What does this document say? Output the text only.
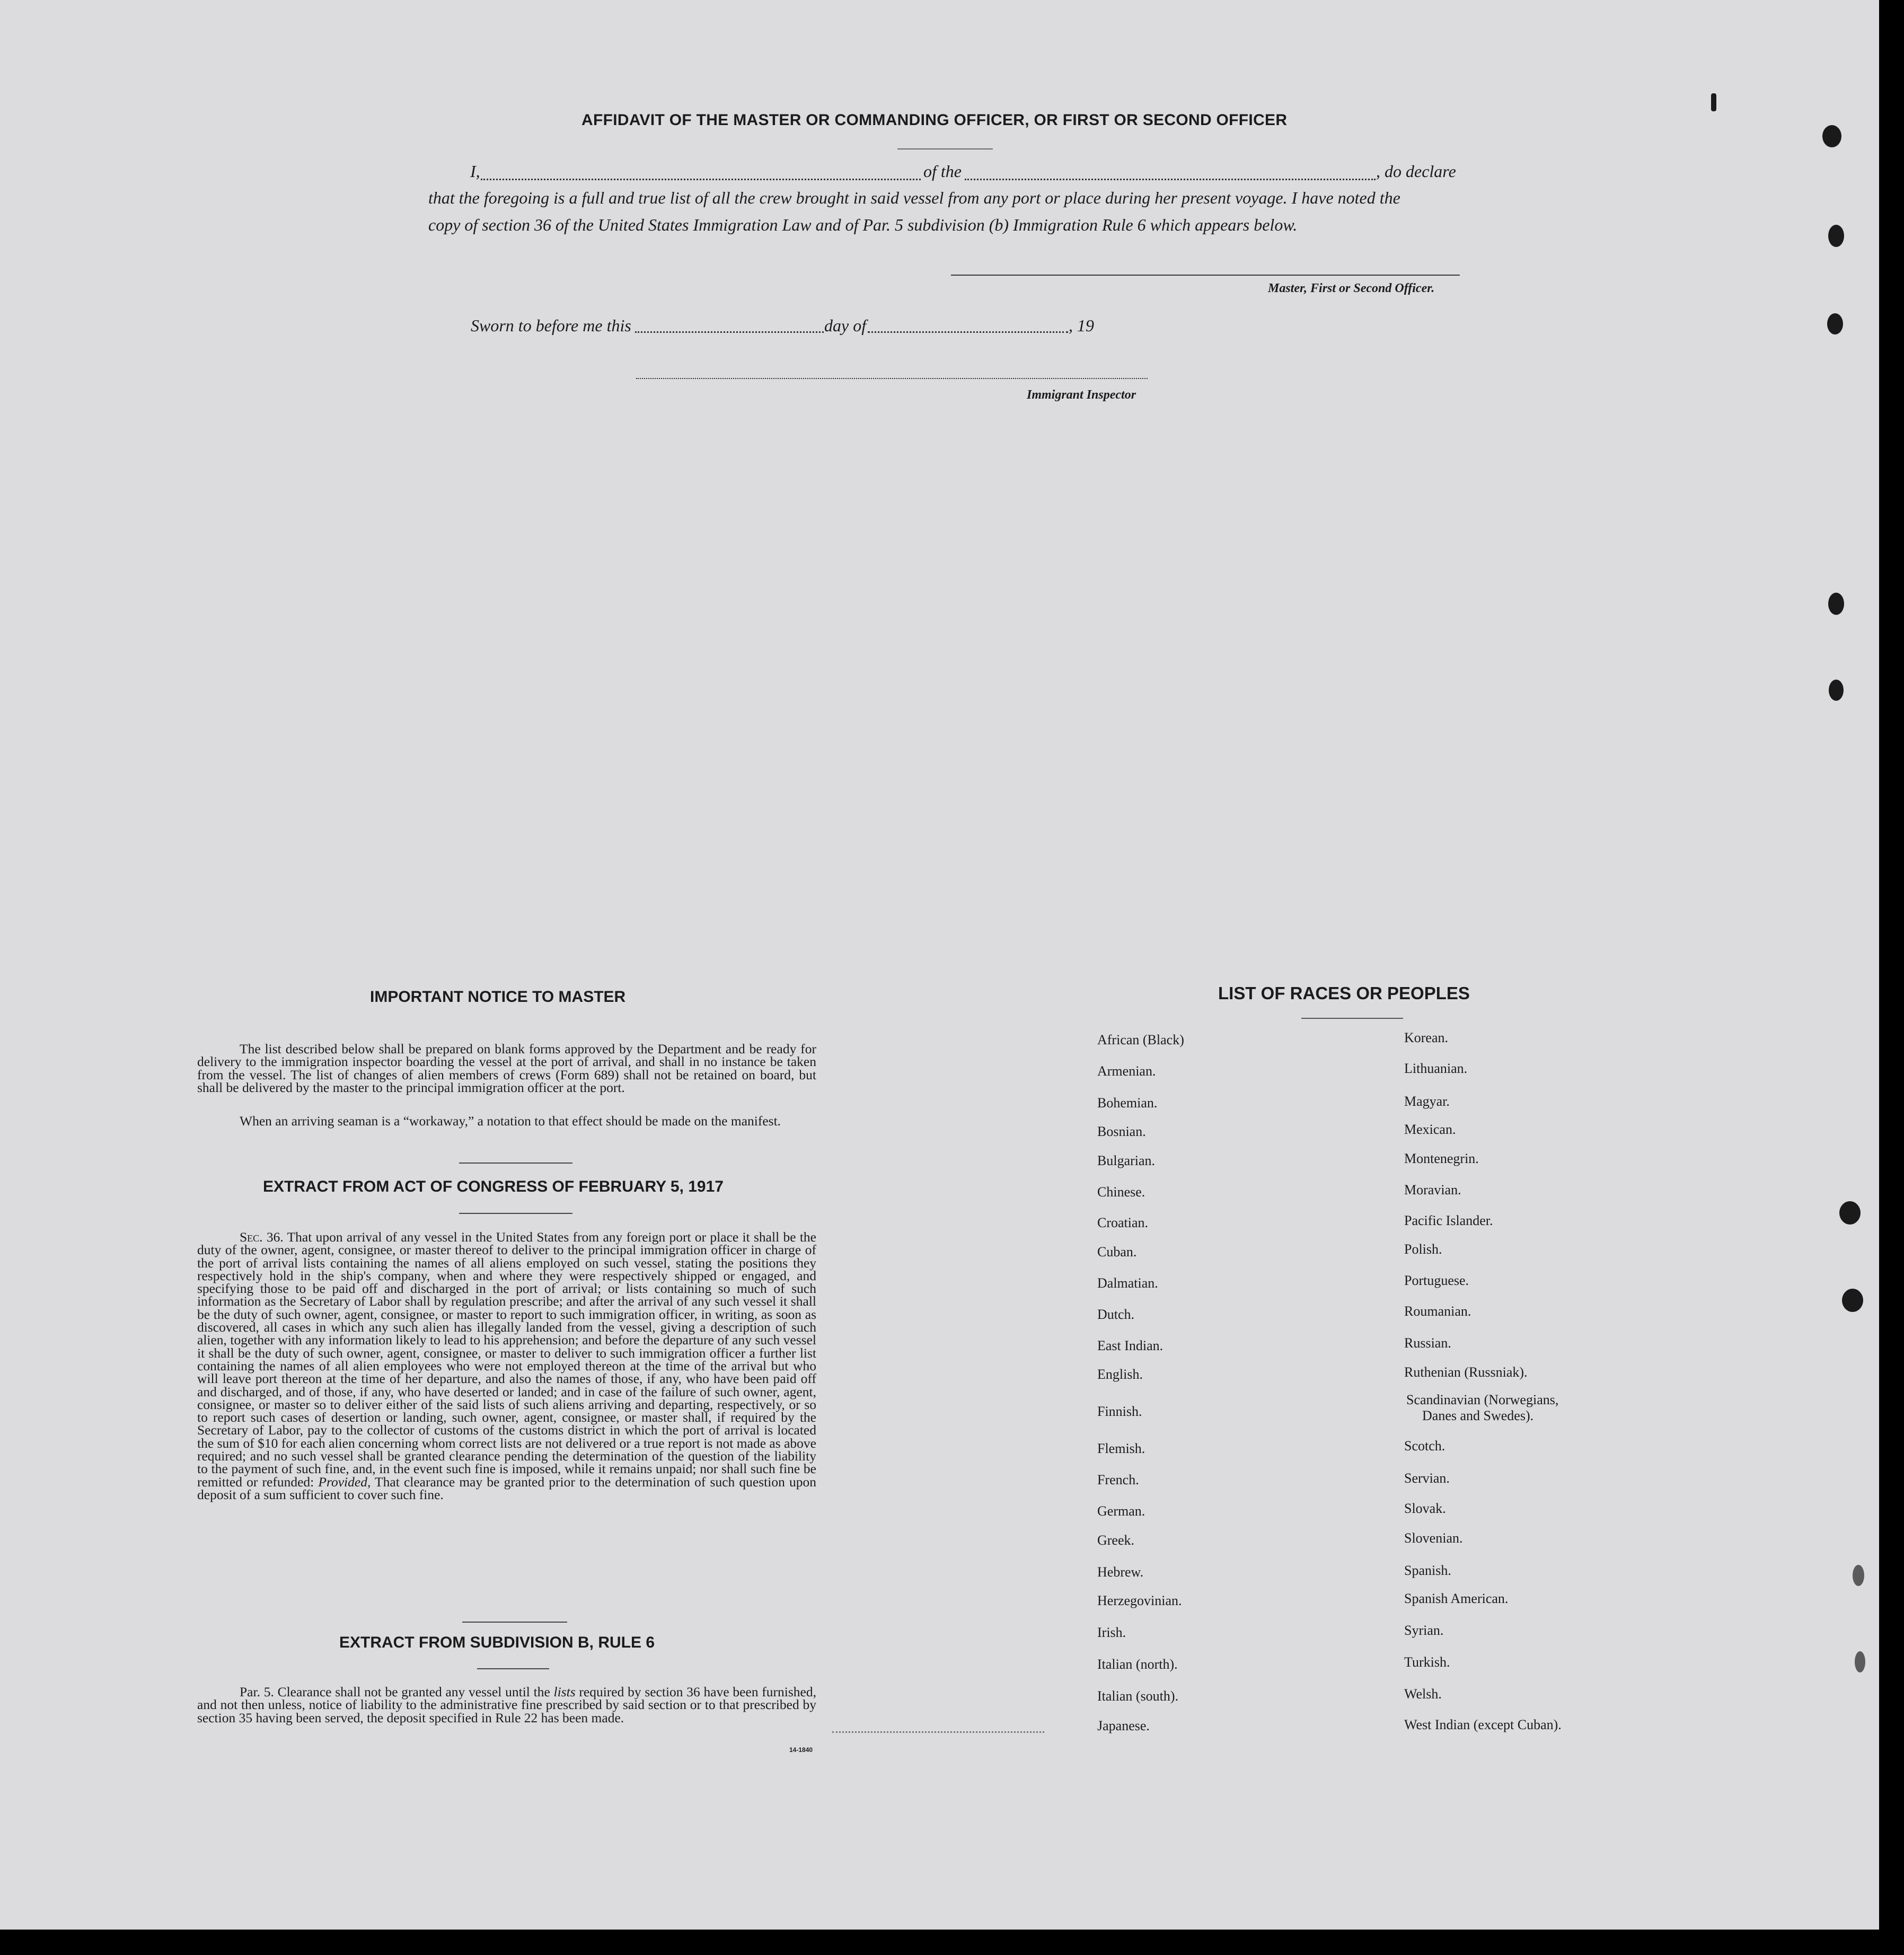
AFFIDAVIT OF THE MASTER OR COMMANDING OFFICER, OR FIRST OR SECOND OFFICER
I,	of the	, do declare
that the foregoing is a full and true list of all the crew brought in said vessel from any port or place during her present voyage. I have noted the
copy of section 36 of the United States Immigration Law and of Par. 5 subdivision (b) Immigration Rule 6 which appears below.
Master, First or Second Officer.
Sworn to before me this	day of	, 19
Immigrant Inspector
IMPORTANT NOTICE TO MASTER
The list described below shall be prepared on blank forms approved by the Department and be ready for delivery to the immigration inspector boarding the vessel at the port of arrival, and shall in no instance be taken from the vessel. The list of changes of alien members of crews (Form 689) shall not be retained on board, but shall be delivered by the master to the principal immigration officer at the port.
When an arriving seaman is a “workaway,” a notation to that effect should be made on the manifest.
EXTRACT FROM ACT OF CONGRESS OF FEBRUARY 5, 1917
Sec. 36. That upon arrival of any vessel in the United States from any foreign port or place it shall be the duty of the owner, agent, consignee, or master thereof to deliver to the principal immigration officer in charge of the port of arrival lists containing the names of all aliens employed on such vessel, stating the positions they respectively hold in the ship's company, when and where they were respectively shipped or engaged, and specifying those to be paid off and discharged in the port of arrival; or lists containing so much of such information as the Secretary of Labor shall by regulation prescribe; and after the arrival of any such vessel it shall be the duty of such owner, agent, consignee, or master to report to such immigration officer, in writing, as soon as discovered, all cases in which any such alien has illegally landed from the vessel, giving a description of such alien, together with any information likely to lead to his apprehension; and before the departure of any such vessel it shall be the duty of such owner, agent, consignee, or master to deliver to such immigration officer a further list containing the names of all alien employees who were not employed thereon at the time of the arrival but who will leave port thereon at the time of her departure, and also the names of those, if any, who have been paid off and discharged, and of those, if any, who have deserted or landed; and in case of the failure of such owner, agent, consignee, or master so to deliver either of the said lists of such aliens arriving and departing, respectively, or so to report such cases of desertion or landing, such owner, agent, consignee, or master shall, if required by the Secretary of Labor, pay to the collector of customs of the customs district in which the port of arrival is located the sum of $10 for each alien concerning whom correct lists are not delivered or a true report is not made as above required; and no such vessel shall be granted clearance pending the determination of the question of the liability to the payment of such fine, and, in the event such fine is imposed, while it remains unpaid; nor shall such fine be remitted or refunded: Provided, That clearance may be granted prior to the determination of such question upon deposit of a sum sufficient to cover such fine.
EXTRACT FROM SUBDIVISION B, RULE 6
Par. 5. Clearance shall not be granted any vessel until the lists required by section 36 have been furnished, and not then unless, notice of liability to the administrative fine prescribed by said section or to that prescribed by section 35 having been served, the deposit specified in Rule 22 has been made.
14-1840
LIST OF RACES OR PEOPLES
African (Black)
Armenian.
Bohemian.
Bosnian.
Bulgarian.
Chinese.
Croatian.
Cuban.
Dalmatian.
Dutch.
East Indian.
English.
Finnish.
Flemish.
French.
German.
Greek.
Hebrew.
Herzegovinian.
Irish.
Italian (north).
Italian (south).
Japanese.
Korean.
Lithuanian.
Magyar.
Mexican.
Montenegrin.
Moravian.
Pacific Islander.
Polish.
Portuguese.
Roumanian.
Russian.
Ruthenian (Russniak).
Scandinavian (Norwegians,
Danes and Swedes).
Scotch.
Servian.
Slovak.
Slovenian.
Spanish.
Spanish American.
Syrian.
Turkish.
Welsh.
West Indian (except Cuban).
